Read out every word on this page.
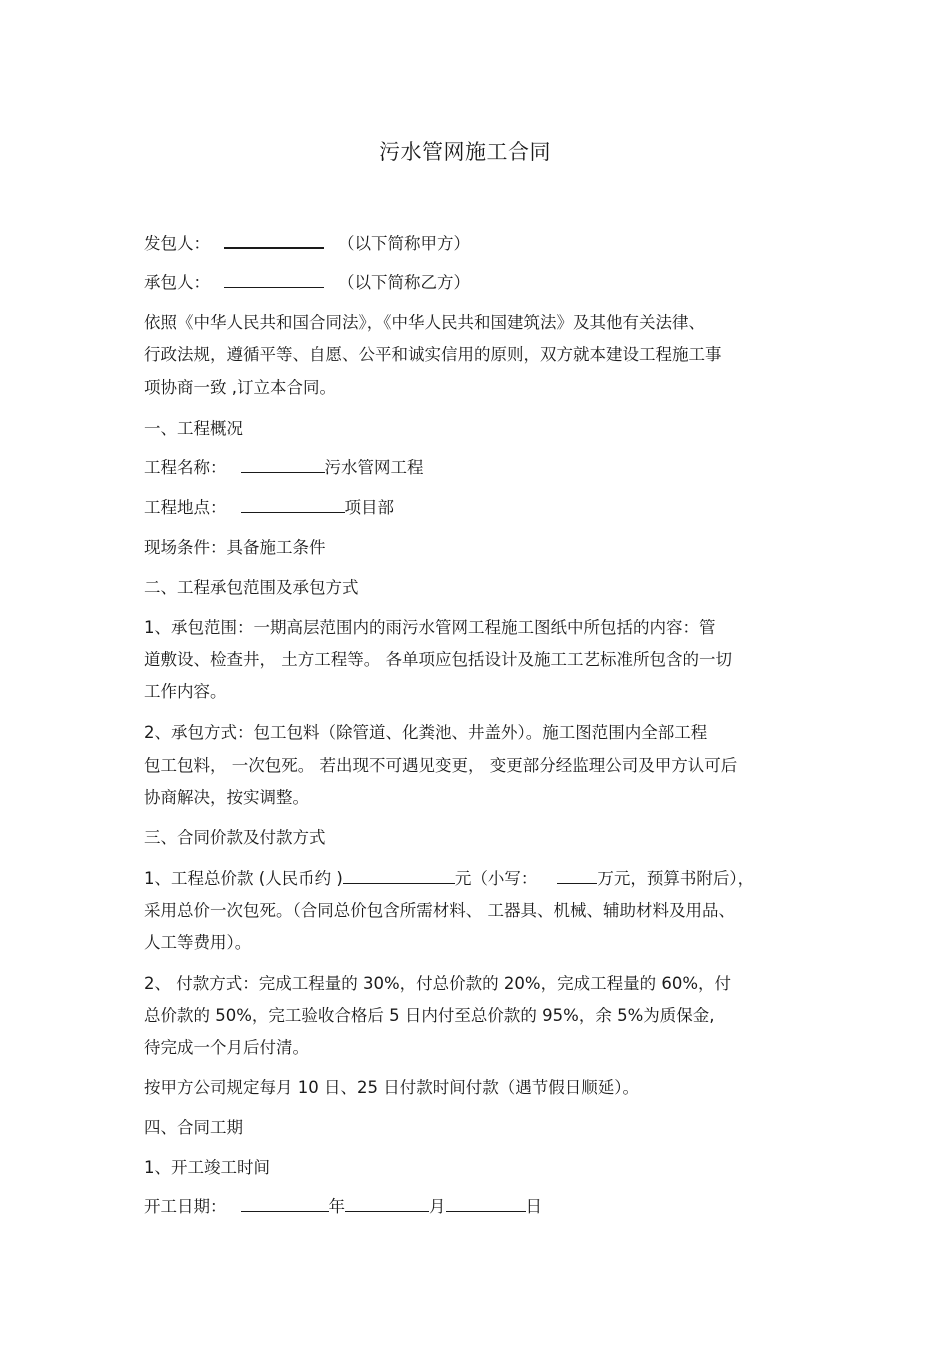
污水管网施工合同
发包人：	（以下简称甲方）
承包人：	（以下简称乙方）
依照《中华人民共和国合同法》，《中华人民共和国建筑法》及其他有关法律、
行政法规，遵循平等、自愿、公平和诚实信用的原则，双方就本建设工程施工事
项协商一致 ,订立本合同。
一、工程概况
工程名称：	污水管网工程
工程地点：	项目部
现场条件：具备施工条件
二、工程承包范围及承包方式
1、承包范围：一期高层范围内的雨污水管网工程施工图纸中所包括的内容：管
道敷设、检查井， 土方工程等。 各单项应包括设计及施工工艺标准所包含的一切
工作内容。
2、承包方式：包工包料（除管道、化粪池、井盖外）。施工图范围内全部工程
包工包料， 一次包死。 若出现不可遇见变更， 变更部分经监理公司及甲方认可后
协商解决，按实调整。
三、合同价款及付款方式
1、工程总价款 (人民币约 )	元（小写：	万元，预算书附后），
采用总价一次包死。（合同总价包含所需材料、 工器具、机械、辅助材料及用品、
人工等费用）。
2、 付款方式：完成工程量的 30%，付总价款的 20%，完成工程量的 60%，付
总价款的 50%，完工验收合格后 5 日内付至总价款的 95%，余 5%为质保金,
待完成一个月后付清。
按甲方公司规定每月 10 日、25 日付款时间付款（遇节假日顺延）。
四、合同工期
1、开工竣工时间
开工日期：	年	月	日
